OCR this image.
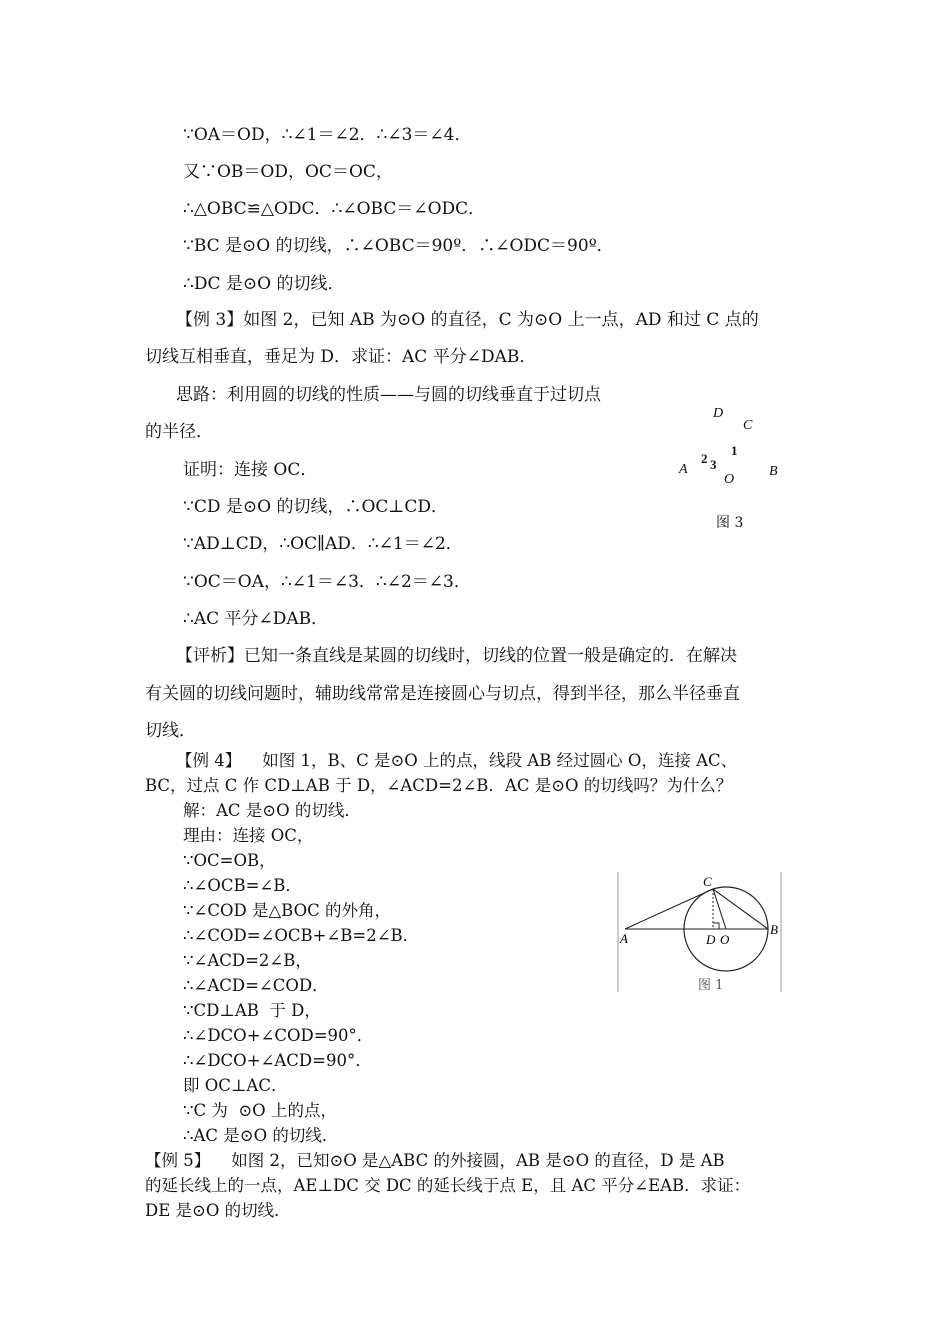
∵OA＝OD，∴∠1＝∠2．∴∠3＝∠4．
又∵OB＝OD，OC＝OC，
∴△OBC≌△ODC．∴∠OBC＝∠ODC．
∵BC 是⊙O 的切线，∴∠OBC＝90º．∴∠ODC＝90º．
∴DC 是⊙O 的切线．
【例 3】如图 2，已知 AB 为⊙O 的直径，C 为⊙O 上一点，AD 和过 C 点的
切线互相垂直，垂足为 D．求证：AC 平分∠DAB．
思路：利用圆的切线的性质——与圆的切线垂直于过切点
的半径．
证明：连接 OC．
∵CD 是⊙O 的切线，∴OC⊥CD．
∵AD⊥CD，∴OC∥AD．∴∠1＝∠2．
∵OC＝OA，∴∠1＝∠3．∴∠2＝∠3．
∴AC 平分∠DAB．
D
C
1
2 3
A
O
B
图 3
【评析】已知一条直线是某圆的切线时，切线的位置一般是确定的．在解决
有关圆的切线问题时，辅助线常常是连接圆心与切点，得到半径，那么半径垂直
切线．
【例 4】    如图 1，B、C 是⊙O 上的点，线段 AB 经过圆心 O，连接 AC、
BC，过点 C 作 CD⊥AB 于 D，∠ACD=2∠B．AC 是⊙O 的切线吗？为什么？
解：AC 是⊙O 的切线．
理由：连接 OC，
∵OC=OB，
∴∠OCB=∠B．
∵∠COD 是△BOC 的外角，
∴∠COD=∠OCB+∠B=2∠B．
∵∠ACD=2∠B，
∴∠ACD=∠COD．
∵CD⊥AB  于 D，
∴∠DCO+∠COD=90°．
∴∠DCO+∠ACD=90°．
即 OC⊥AC．
∵C 为  ⊙O 上的点，
∴AC 是⊙O 的切线．
C
A	D O
B
图 1
【例 5】    如图 2，已知⊙O 是△ABC 的外接圆，AB 是⊙O 的直径，D 是 AB
的延长线上的一点，AE⊥DC 交 DC 的延长线于点 E，且 AC 平分∠EAB．求证：
DE 是⊙O 的切线．
